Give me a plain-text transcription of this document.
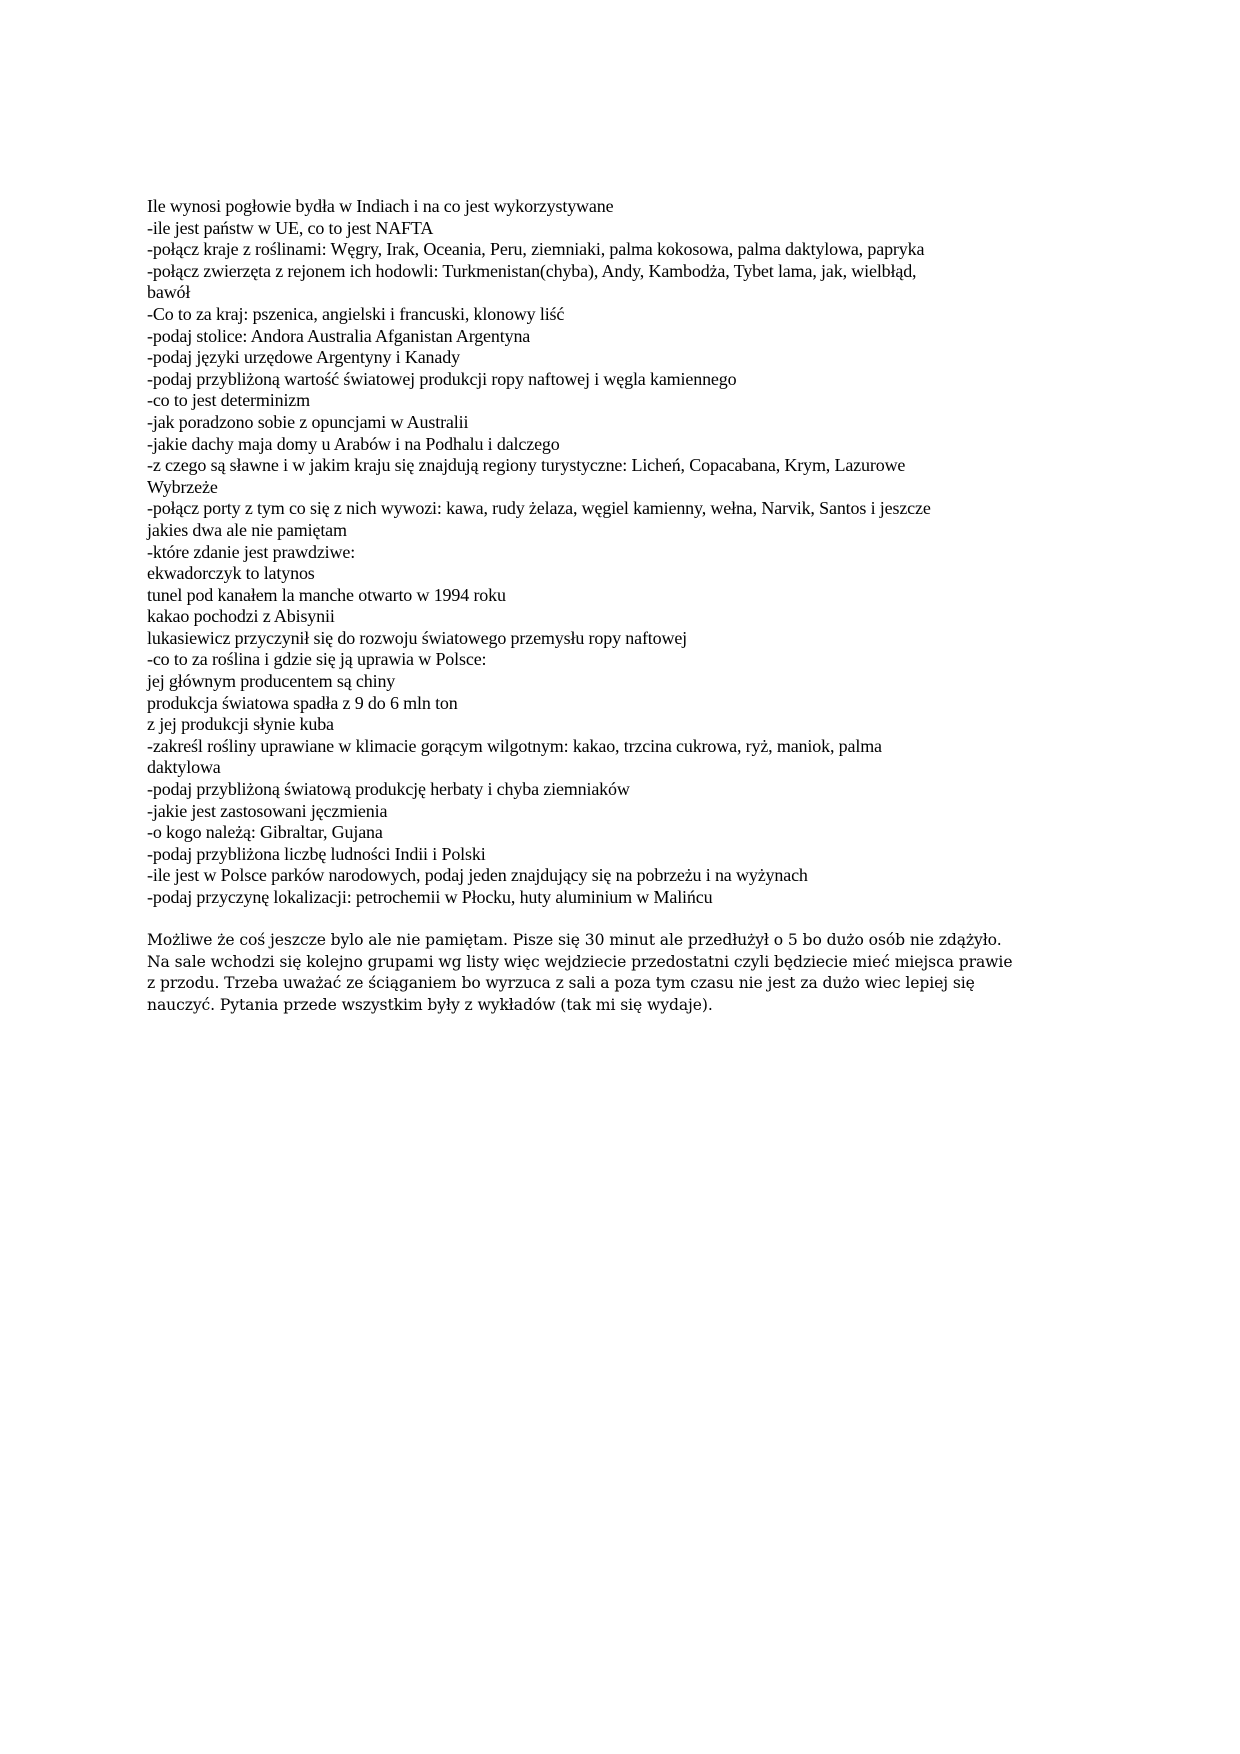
Ile wynosi pogłowie bydła w Indiach i na co jest wykorzystywane
-ile jest państw w UE, co to jest NAFTA
-połącz kraje z roślinami: Węgry, Irak, Oceania, Peru, ziemniaki, palma kokosowa, palma daktylowa, papryka
-połącz zwierzęta z rejonem ich hodowli: Turkmenistan(chyba), Andy, Kambodża, Tybet lama, jak, wielbłąd,
bawół
-Co to za kraj: pszenica, angielski i francuski, klonowy liść
-podaj stolice: Andora Australia Afganistan Argentyna
-podaj języki urzędowe Argentyny i Kanady
-podaj przybliżoną wartość światowej produkcji ropy naftowej i węgla kamiennego
-co to jest determinizm
-jak poradzono sobie z opuncjami w Australii
-jakie dachy maja domy u Arabów i na Podhalu i dalczego
-z czego są sławne i w jakim kraju się znajdują regiony turystyczne: Licheń, Copacabana, Krym, Lazurowe
Wybrzeże
-połącz porty z tym co się z nich wywozi: kawa, rudy żelaza, węgiel kamienny, wełna, Narvik, Santos i jeszcze
jakies dwa ale nie pamiętam
-które zdanie jest prawdziwe:
ekwadorczyk to latynos
tunel pod kanałem la manche otwarto w 1994 roku
kakao pochodzi z Abisynii
lukasiewicz przyczynił się do rozwoju światowego przemysłu ropy naftowej
-co to za roślina i gdzie się ją uprawia w Polsce:
jej głównym producentem są chiny
produkcja światowa spadła z 9 do 6 mln ton
z jej produkcji słynie kuba
-zakreśl rośliny uprawiane w klimacie gorącym wilgotnym: kakao, trzcina cukrowa, ryż, maniok, palma
daktylowa
-podaj przybliżoną światową produkcję herbaty i chyba ziemniaków
-jakie jest zastosowani jęczmienia
-o kogo należą: Gibraltar, Gujana
-podaj przybliżona liczbę ludności Indii i Polski
-ile jest w Polsce parków narodowych, podaj jeden znajdujący się na pobrzeżu i na wyżynach
-podaj przyczynę lokalizacji: petrochemii w Płocku, huty aluminium w Malińcu
Możliwe że coś jeszcze bylo ale nie pamiętam. Pisze się 30 minut ale przedłużył o 5 bo dużo osób nie zdążyło.
Na sale wchodzi się kolejno grupami wg listy więc wejdziecie przedostatni czyli będziecie mieć miejsca prawie
z przodu. Trzeba uważać ze ściąganiem bo wyrzuca z sali a poza tym czasu nie jest za dużo wiec lepiej się
nauczyć. Pytania przede wszystkim były z wykładów (tak mi się wydaje).
